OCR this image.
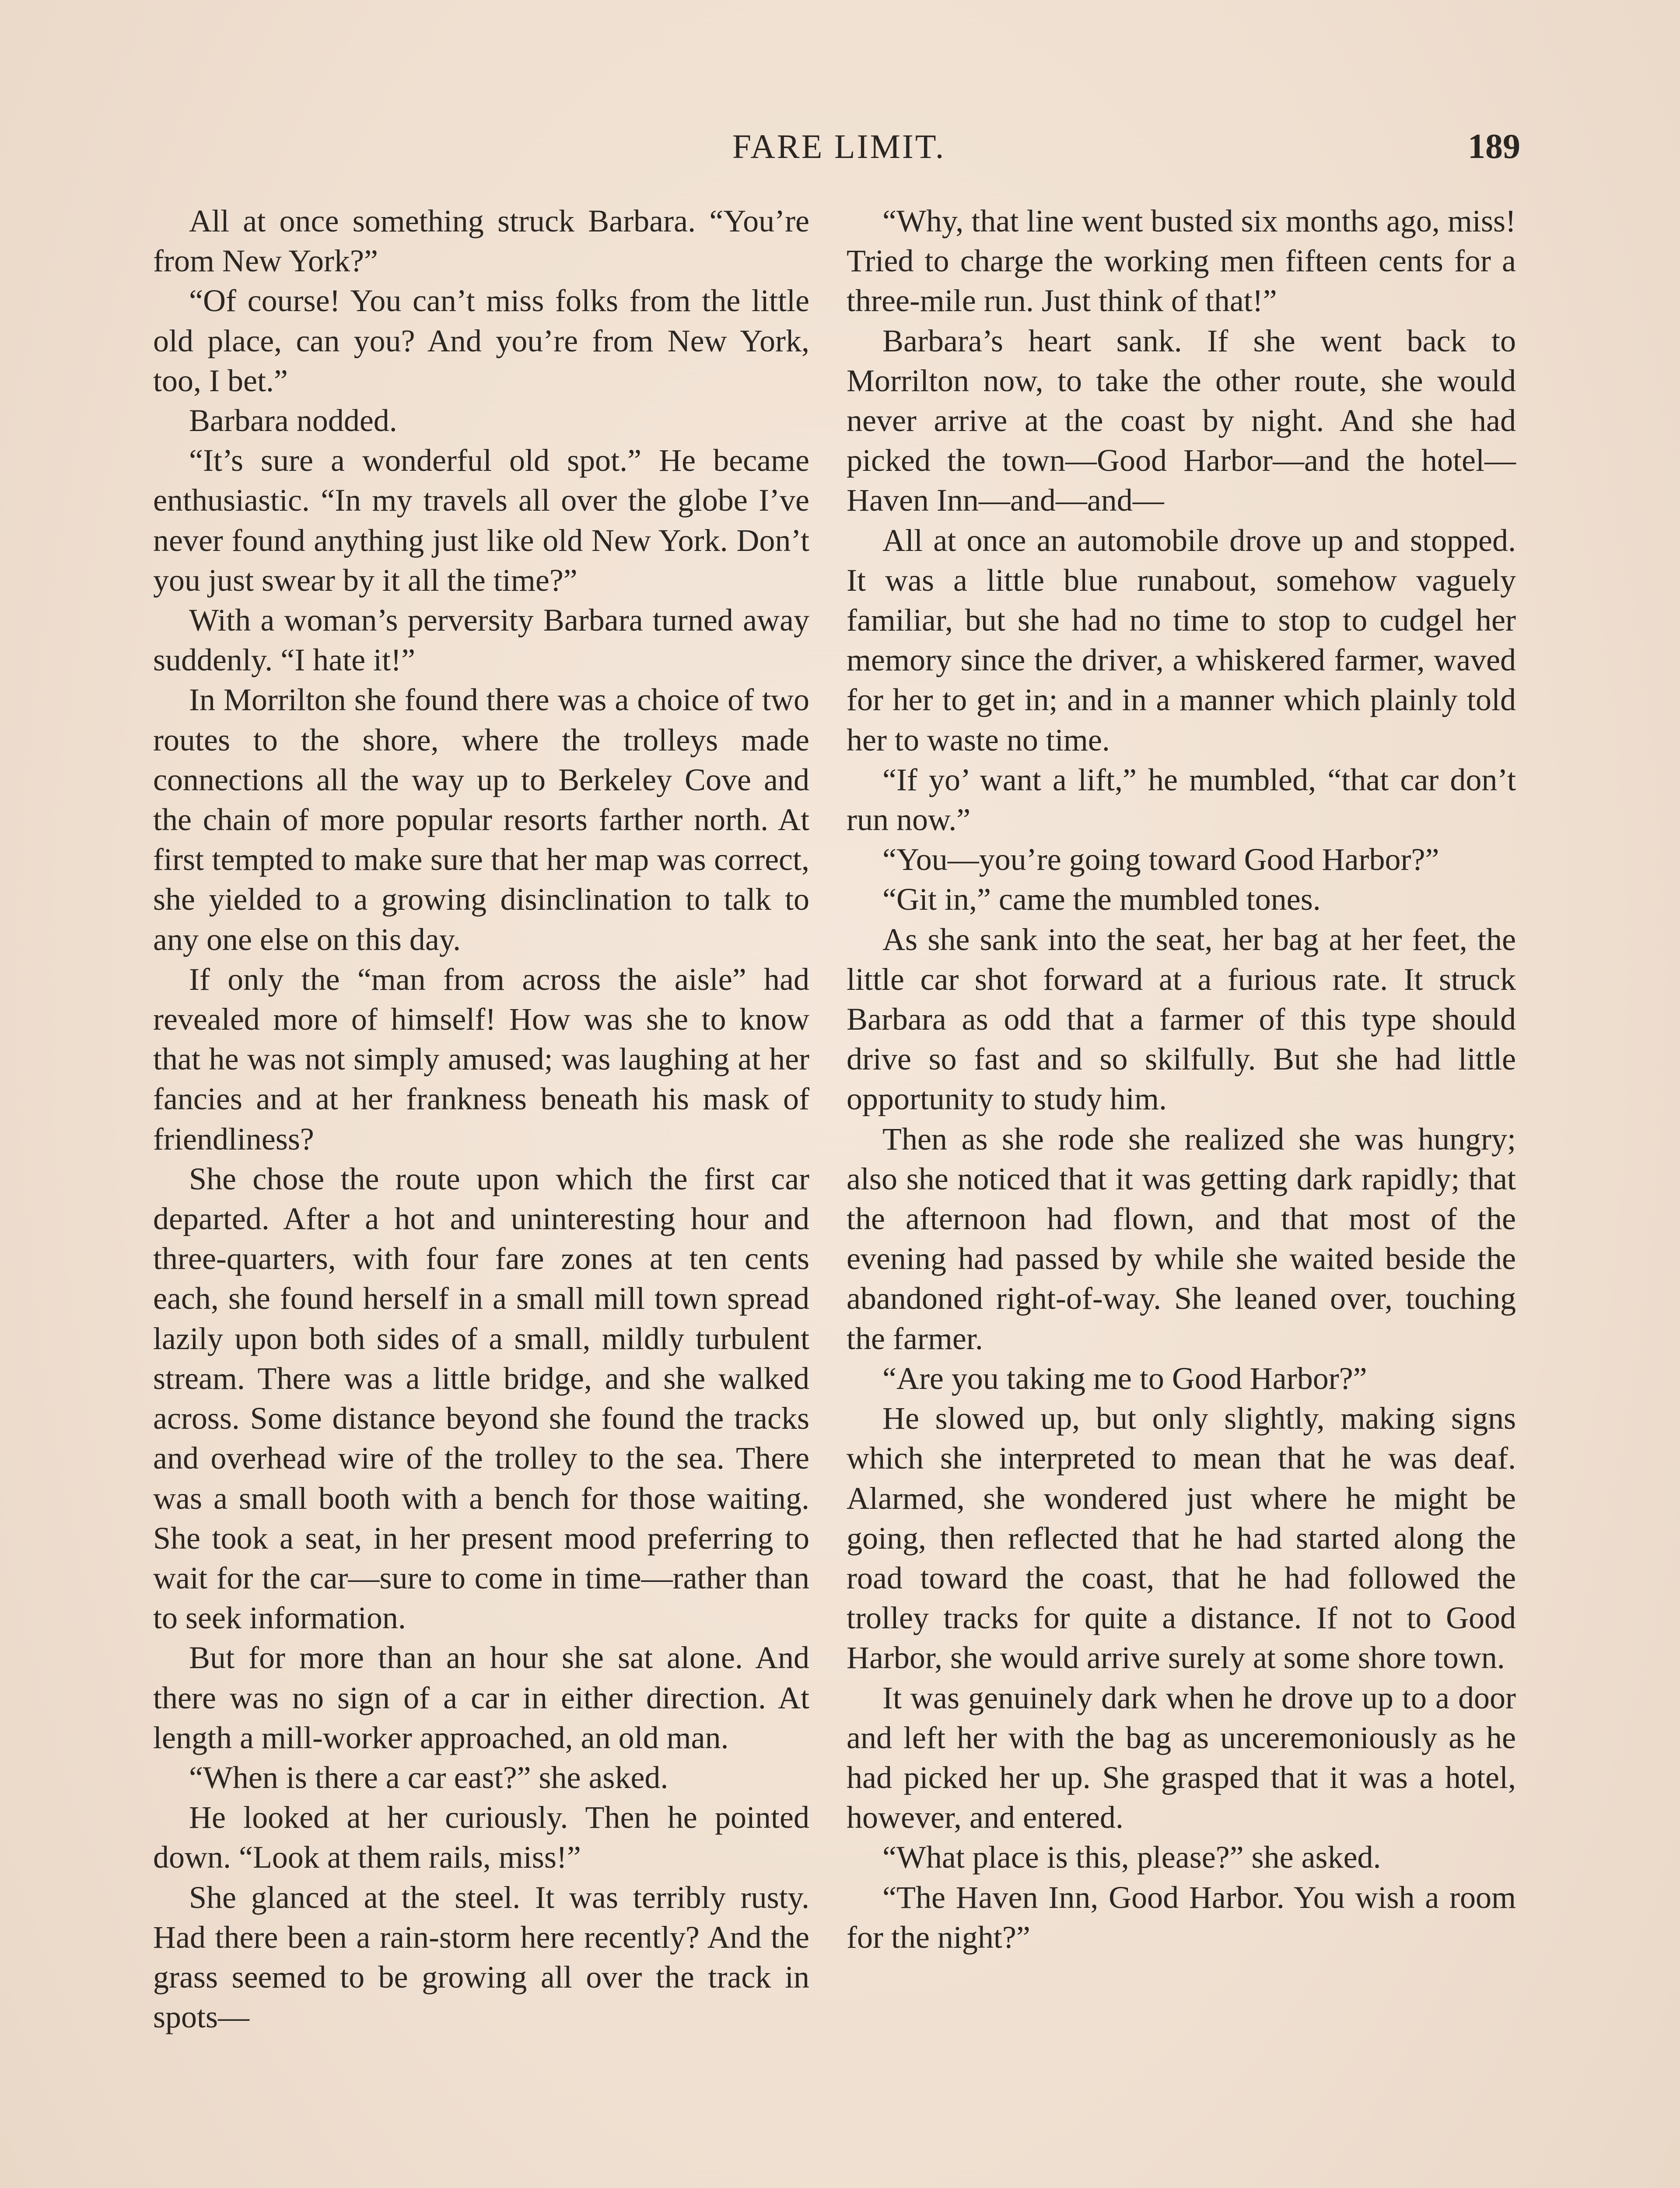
FARE LIMIT.	189

All at once something struck Barbara. “You’re from New York?”

“Of course! You can’t miss folks from the little old place, can you? And you’re from New York, too, I bet.”

Barbara nodded.

“It’s sure a wonderful old spot.” He became enthusiastic. “In my travels all over the globe I’ve never found anything just like old New York. Don’t you just swear by it all the time?”

With a woman’s perversity Barbara turned away suddenly. “I hate it!”

In Morrilton she found there was a choice of two routes to the shore, where the trolleys made connections all the way up to Berkeley Cove and the chain of more popular resorts farther north. At first tempted to make sure that her map was correct, she yielded to a growing disinclination to talk to any one else on this day.

If only the “man from across the aisle” had revealed more of himself! How was she to know that he was not simply amused; was laughing at her fancies and at her frankness beneath his mask of friendliness?

She chose the route upon which the first car departed. After a hot and uninteresting hour and three-quarters, with four fare zones at ten cents each, she found herself in a small mill town spread lazily upon both sides of a small, mildly turbulent stream. There was a little bridge, and she walked across. Some distance beyond she found the tracks and overhead wire of the trolley to the sea. There was a small booth with a bench for those waiting. She took a seat, in her present mood preferring to wait for the car—sure to come in time—rather than to seek information.

But for more than an hour she sat alone. And there was no sign of a car in either direction. At length a mill-worker approached, an old man.

“When is there a car east?” she asked.

He looked at her curiously. Then he pointed down. “Look at them rails, miss!”

She glanced at the steel. It was terribly rusty. Had there been a rain-storm here recently? And the grass seemed to be growing all over the track in spots—

“Why, that line went busted six months ago, miss! Tried to charge the working men fifteen cents for a three-mile run. Just think of that!”

Barbara’s heart sank. If she went back to Morrilton now, to take the other route, she would never arrive at the coast by night. And she had picked the town—Good Harbor—and the hotel—Haven Inn—and—and—

All at once an automobile drove up and stopped. It was a little blue runabout, somehow vaguely familiar, but she had no time to stop to cudgel her memory since the driver, a whiskered farmer, waved for her to get in; and in a manner which plainly told her to waste no time.

“If yo’ want a lift,” he mumbled, “that car don’t run now.”

“You—you’re going toward Good Harbor?”

“Git in,” came the mumbled tones.

As she sank into the seat, her bag at her feet, the little car shot forward at a furious rate. It struck Barbara as odd that a farmer of this type should drive so fast and so skilfully. But she had little opportunity to study him.

Then as she rode she realized she was hungry; also she noticed that it was getting dark rapidly; that the afternoon had flown, and that most of the evening had passed by while she waited beside the abandoned right-of-way. She leaned over, touching the farmer.

“Are you taking me to Good Harbor?”

He slowed up, but only slightly, making signs which she interpreted to mean that he was deaf. Alarmed, she wondered just where he might be going, then reflected that he had started along the road toward the coast, that he had followed the trolley tracks for quite a distance. If not to Good Harbor, she would arrive surely at some shore town.

It was genuinely dark when he drove up to a door and left her with the bag as unceremoniously as he had picked her up. She grasped that it was a hotel, however, and entered.

“What place is this, please?” she asked.

“The Haven Inn, Good Harbor. You wish a room for the night?”
